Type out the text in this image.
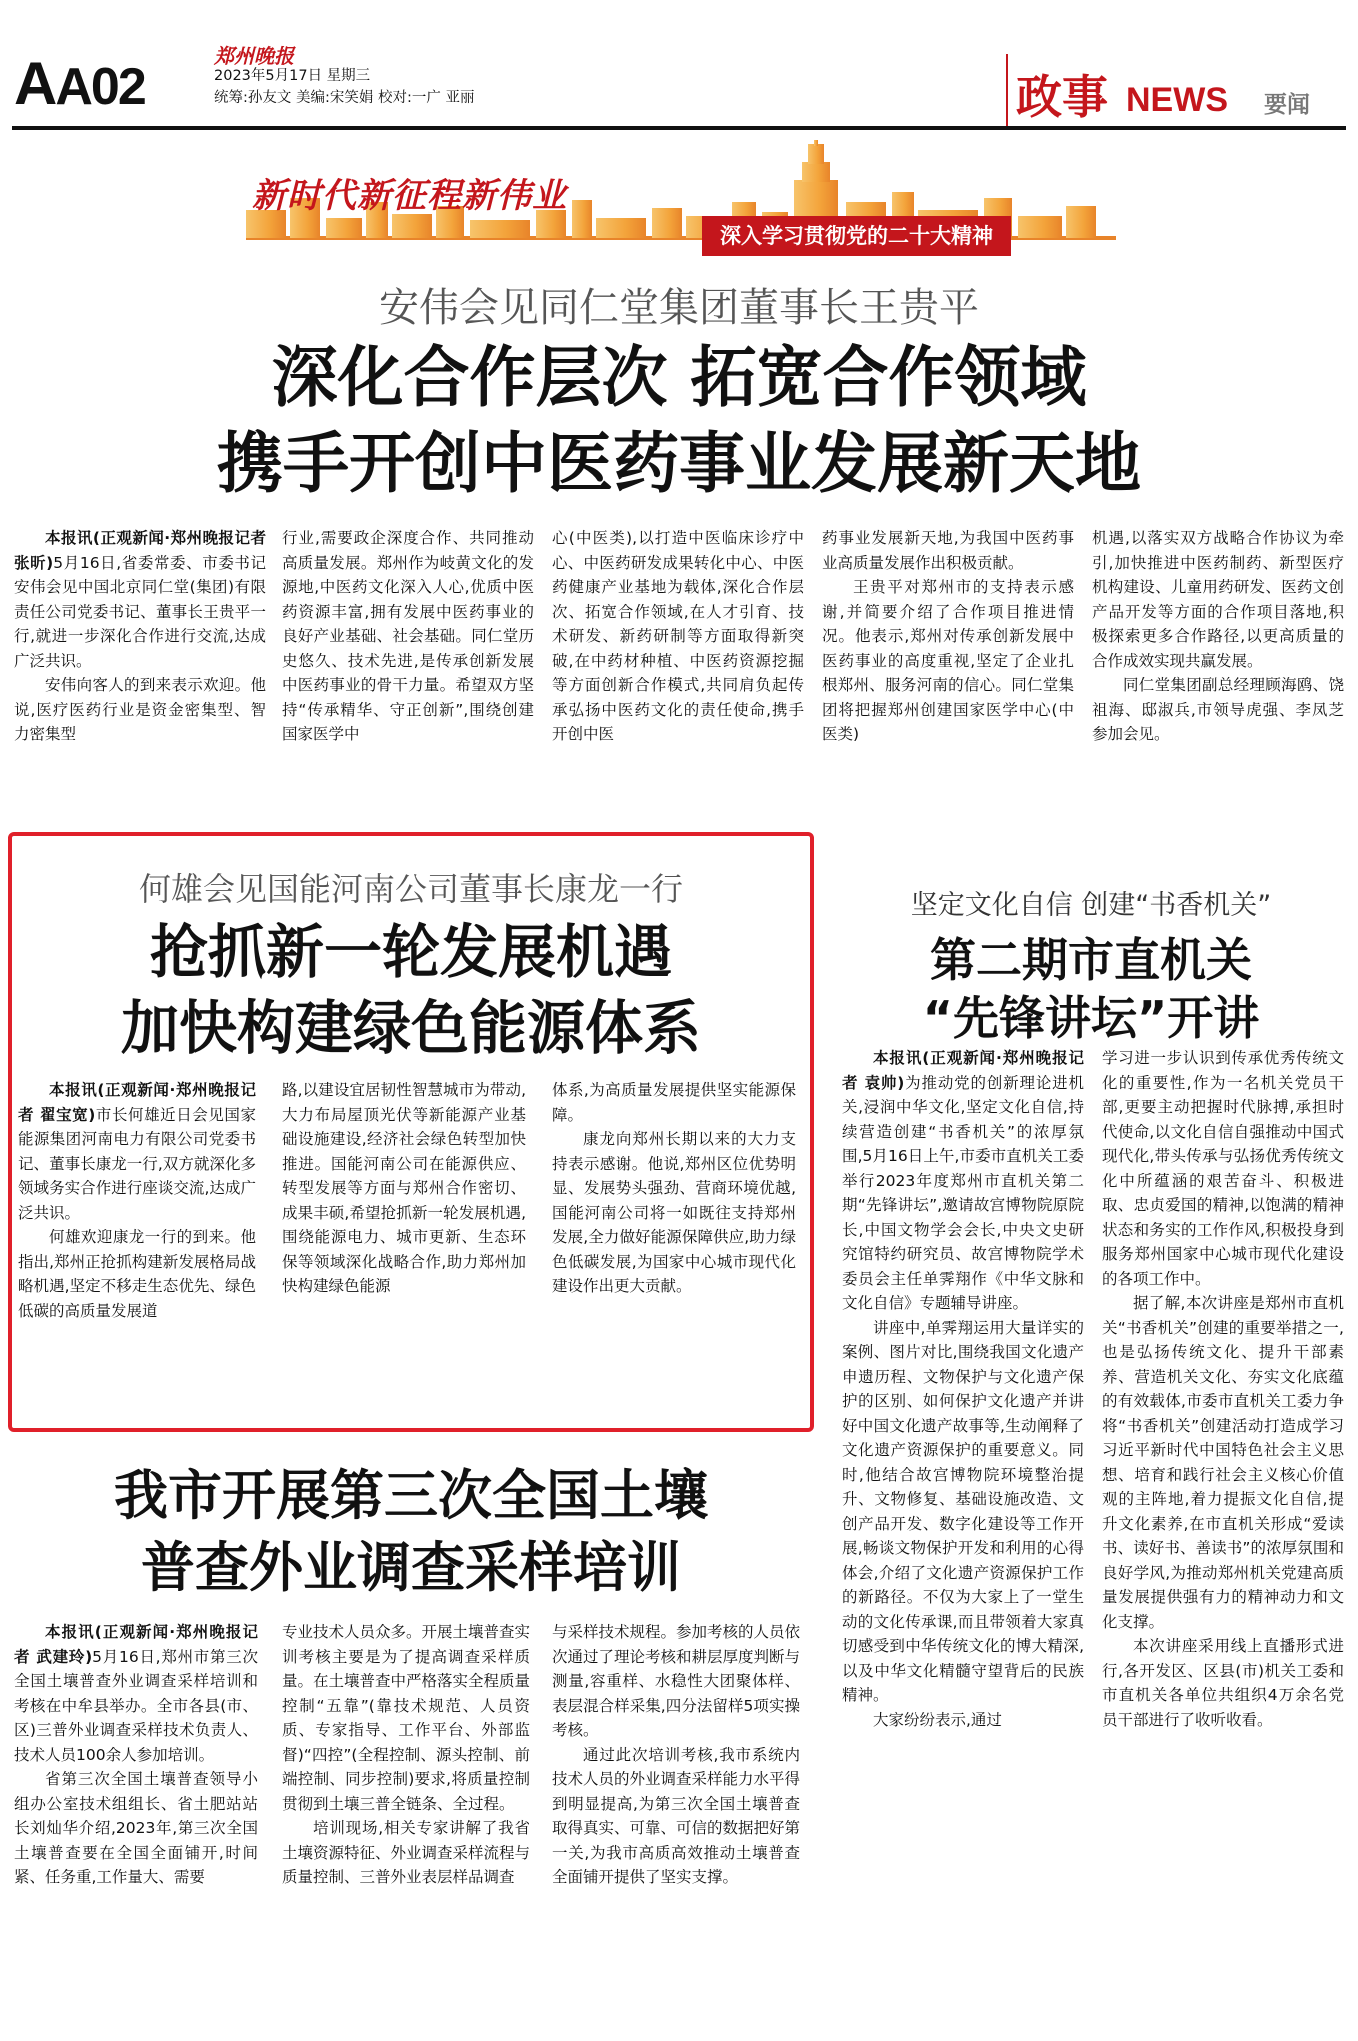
AA02
郑州晚报
2023年5月17日 星期三
统筹:孙友文 美编:宋笑娟 校对:一广 亚丽	政事 NEWS 要闻
新时代新征程新伟业
深入学习贯彻党的二十大精神
安伟会见同仁堂集团董事长王贵平
深化合作层次 拓宽合作领域
携手开创中医药事业发展新天地

本报讯(正观新闻·郑州晚报记者 张昕)5月16日,省委常委、市委书记安伟会见中国北京同仁堂(集团)有限责任公司党委书记、董事长王贵平一行,就进一步深化合作进行交流,达成广泛共识。

安伟向客人的到来表示欢迎。他说,医疗医药行业是资金密集型、智力密集型

行业,需要政企深度合作、共同推动高质量发展。郑州作为岐黄文化的发源地,中医药文化深入人心,优质中医药资源丰富,拥有发展中医药事业的良好产业基础、社会基础。同仁堂历史悠久、技术先进,是传承创新发展中医药事业的骨干力量。希望双方坚持“传承精华、守正创新”,围绕创建国家医学中

心(中医类),以打造中医临床诊疗中心、中医药研发成果转化中心、中医药健康产业基地为载体,深化合作层次、拓宽合作领域,在人才引育、技术研发、新药研制等方面取得新突破,在中药材种植、中医药资源挖掘等方面创新合作模式,共同肩负起传承弘扬中医药文化的责任使命,携手开创中医

药事业发展新天地,为我国中医药事业高质量发展作出积极贡献。

王贵平对郑州市的支持表示感谢,并简要介绍了合作项目推进情况。他表示,郑州对传承创新发展中医药事业的高度重视,坚定了企业扎根郑州、服务河南的信心。同仁堂集团将把握郑州创建国家医学中心(中医类)

机遇,以落实双方战略合作协议为牵引,加快推进中医药制药、新型医疗机构建设、儿童用药研发、医药文创产品开发等方面的合作项目落地,积极探索更多合作路径,以更高质量的合作成效实现共赢发展。

同仁堂集团副总经理顾海鸥、饶祖海、邸淑兵,市领导虎强、李凤芝参加会见。

何雄会见国能河南公司董事长康龙一行
抢抓新一轮发展机遇
加快构建绿色能源体系

本报讯(正观新闻·郑州晚报记者 翟宝宽)市长何雄近日会见国家能源集团河南电力有限公司党委书记、董事长康龙一行,双方就深化多领域务实合作进行座谈交流,达成广泛共识。

何雄欢迎康龙一行的到来。他指出,郑州正抢抓构建新发展格局战略机遇,坚定不移走生态优先、绿色低碳的高质量发展道

路,以建设宜居韧性智慧城市为带动,大力布局屋顶光伏等新能源产业基础设施建设,经济社会绿色转型加快推进。国能河南公司在能源供应、转型发展等方面与郑州合作密切、成果丰硕,希望抢抓新一轮发展机遇,围绕能源电力、城市更新、生态环保等领域深化战略合作,助力郑州加快构建绿色能源

体系,为高质量发展提供坚实能源保障。

康龙向郑州长期以来的大力支持表示感谢。他说,郑州区位优势明显、发展势头强劲、营商环境优越,国能河南公司将一如既往支持郑州发展,全力做好能源保障供应,助力绿色低碳发展,为国家中心城市现代化建设作出更大贡献。

坚定文化自信 创建“书香机关”
第二期市直机关
“先锋讲坛”开讲

本报讯(正观新闻·郑州晚报记者 袁帅)为推动党的创新理论进机关,浸润中华文化,坚定文化自信,持续营造创建“书香机关”的浓厚氛围,5月16日上午,市委市直机关工委举行2023年度郑州市直机关第二期“先锋讲坛”,邀请故宫博物院原院长,中国文物学会会长,中央文史研究馆特约研究员、故宫博物院学术委员会主任单霁翔作《中华文脉和文化自信》专题辅导讲座。

讲座中,单霁翔运用大量详实的案例、图片对比,围绕我国文化遗产申遗历程、文物保护与文化遗产保护的区别、如何保护文化遗产并讲好中国文化遗产故事等,生动阐释了文化遗产资源保护的重要意义。同时,他结合故宫博物院环境整治提升、文物修复、基础设施改造、文创产品开发、数字化建设等工作开展,畅谈文物保护开发和利用的心得体会,介绍了文化遗产资源保护工作的新路径。不仅为大家上了一堂生动的文化传承课,而且带领着大家真切感受到中华传统文化的博大精深,以及中华文化精髓守望背后的民族精神。

大家纷纷表示,通过

学习进一步认识到传承优秀传统文化的重要性,作为一名机关党员干部,更要主动把握时代脉搏,承担时代使命,以文化自信自强推动中国式现代化,带头传承与弘扬优秀传统文化中所蕴涵的艰苦奋斗、积极进取、忠贞爱国的精神,以饱满的精神状态和务实的工作作风,积极投身到服务郑州国家中心城市现代化建设的各项工作中。

据了解,本次讲座是郑州市直机关“书香机关”创建的重要举措之一,也是弘扬传统文化、提升干部素养、营造机关文化、夯实文化底蕴的有效载体,市委市直机关工委力争将“书香机关”创建活动打造成学习习近平新时代中国特色社会主义思想、培育和践行社会主义核心价值观的主阵地,着力提振文化自信,提升文化素养,在市直机关形成“爱读书、读好书、善读书”的浓厚氛围和良好学风,为推动郑州机关党建高质量发展提供强有力的精神动力和文化支撑。

本次讲座采用线上直播形式进行,各开发区、区县(市)机关工委和市直机关各单位共组织4万余名党员干部进行了收听收看。

我市开展第三次全国土壤
普查外业调查采样培训

本报讯(正观新闻·郑州晚报记者 武建玲)5月16日,郑州市第三次全国土壤普查外业调查采样培训和考核在中牟县举办。全市各县(市、区)三普外业调查采样技术负责人、技术人员100余人参加培训。

省第三次全国土壤普查领导小组办公室技术组组长、省土肥站站长刘灿华介绍,2023年,第三次全国土壤普查要在全国全面铺开,时间紧、任务重,工作量大、需要

专业技术人员众多。开展土壤普查实训考核主要是为了提高调查采样质量。在土壤普查中严格落实全程质量控制“五靠”(靠技术规范、人员资质、专家指导、工作平台、外部监督)“四控”(全程控制、源头控制、前端控制、同步控制)要求,将质量控制贯彻到土壤三普全链条、全过程。

培训现场,相关专家讲解了我省土壤资源特征、外业调查采样流程与质量控制、三普外业表层样品调查

与采样技术规程。参加考核的人员依次通过了理论考核和耕层厚度判断与测量,容重样、水稳性大团聚体样、表层混合样采集,四分法留样5项实操考核。

通过此次培训考核,我市系统内技术人员的外业调查采样能力水平得到明显提高,为第三次全国土壤普查取得真实、可靠、可信的数据把好第一关,为我市高质高效推动土壤普查全面铺开提供了坚实支撑。
